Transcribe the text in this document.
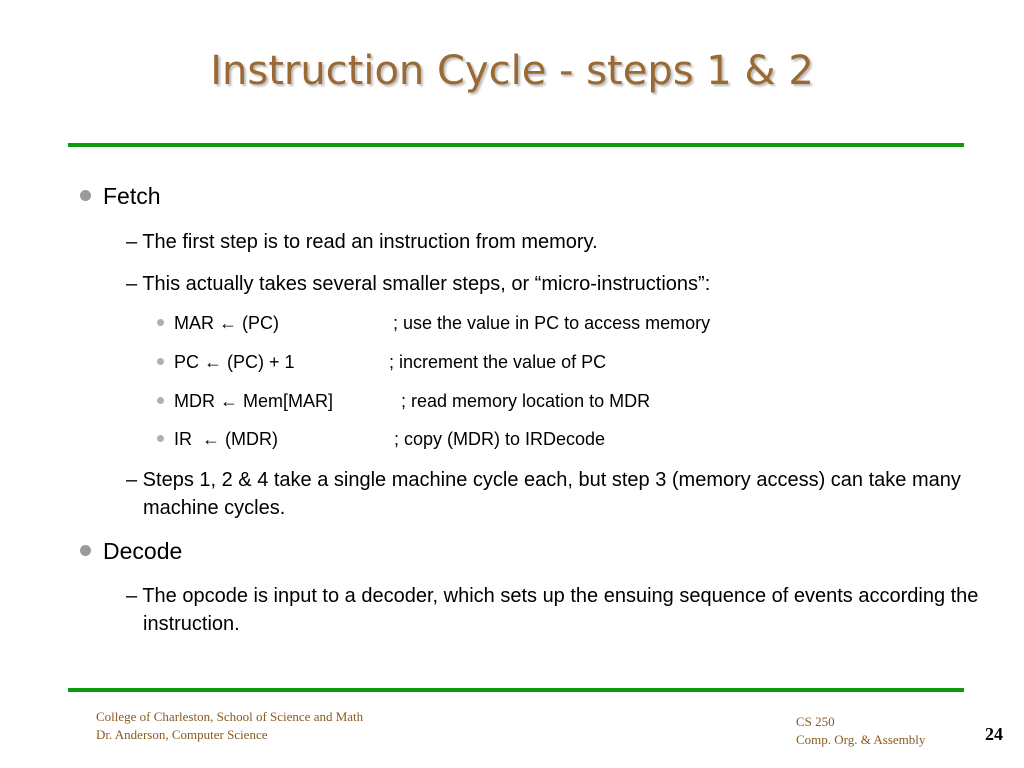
Instruction Cycle - steps 1 & 2
Fetch
– The first step is to read an instruction from memory.
– This actually takes several smaller steps, or “micro-instructions”:
MAR ← (PC)	; use the value in PC to access memory
PC ← (PC) + 1	; increment the value of PC
MDR ← Mem[MAR]	; read memory location to MDR
IR  ← (MDR)	; copy (MDR) to IRDecode
– Steps 1, 2 & 4 take a single machine cycle each, but step 3 (memory access) can take many machine cycles.
Decode
– The opcode is input to a decoder, which sets up the ensuing sequence of events according the instruction.
College of Charleston, School of Science and Math
Dr. Anderson, Computer Science
CS 250
Comp. Org. & Assembly	24
